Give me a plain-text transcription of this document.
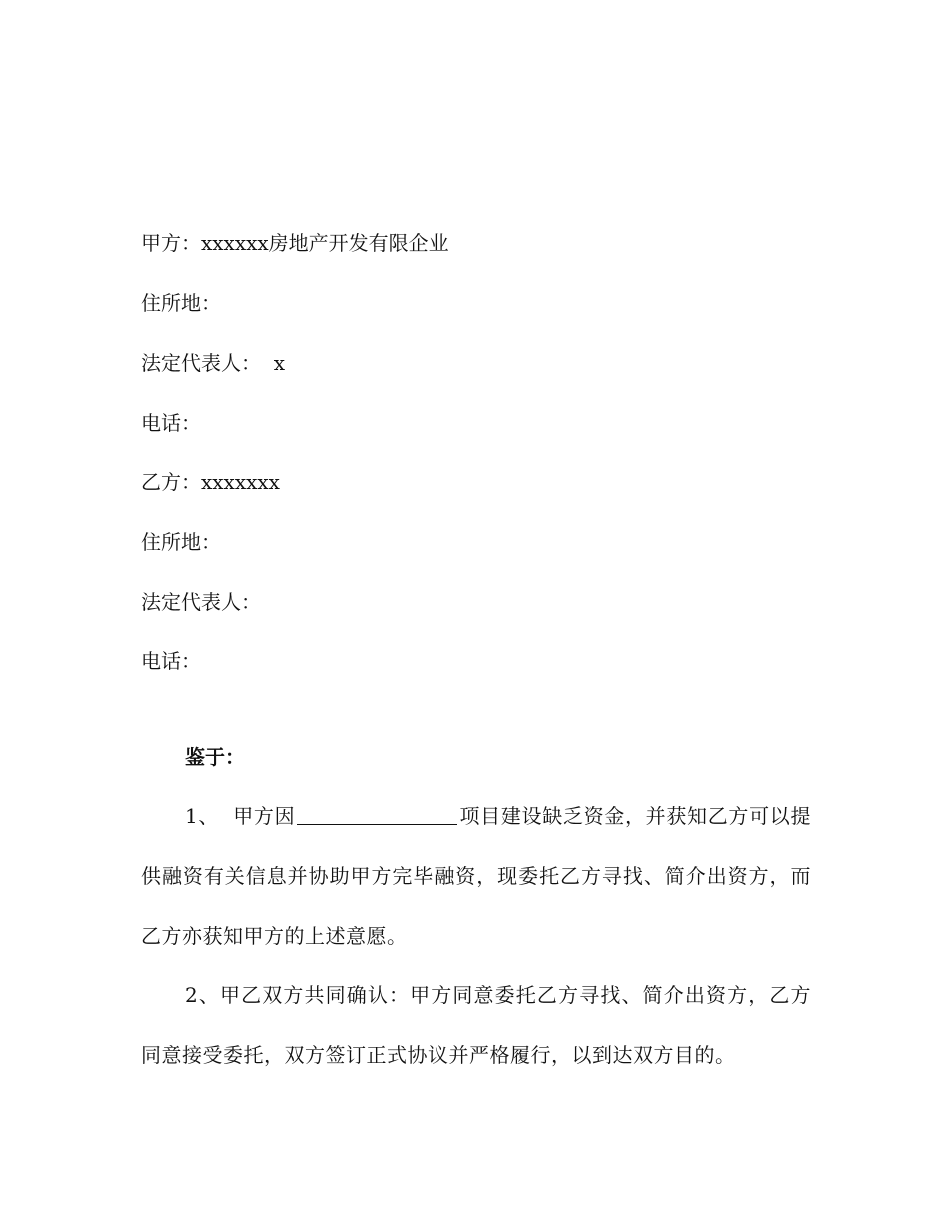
甲方：xxxxxx房地产开发有限企业
住所地：
法定代表人：  x
电话：
乙方：xxxxxxx
住所地：
法定代表人：
电话：
鉴于：
1、  甲方因	项目建设缺乏资金，并获知乙方可以提供融资有关信息并协助甲方完毕融资，现委托乙方寻找、简介出资方，而乙方亦获知甲方的上述意愿。
2、甲乙双方共同确认：甲方同意委托乙方寻找、简介出资方，乙方同意接受委托，双方签订正式协议并严格履行，以到达双方目的。
